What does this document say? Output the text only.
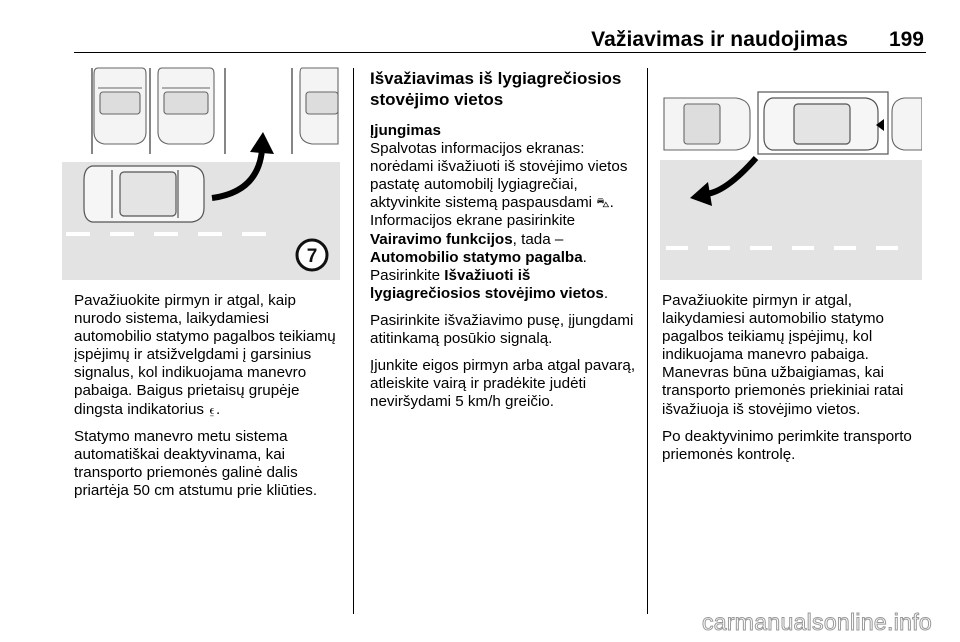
Važiavimas ir naudojimas 199
7

Pavažiuokite pirmyn ir atgal, kaip nurodo sistema, laikydamiesi automobilio statymo pagalbos teikiamų įspėjimų ir atsižvelgdami į garsinius signalus, kol indikuojama manevro pabaiga. Baigus prietaisų grupėje dingsta indikatorius ⍷.

Statymo manevro metu sistema automatiškai deaktyvinama, kai transporto priemonės galinė dalis priartėja 50 cm atstumu prie kliūties.

Išvažiavimas iš lygiagrečiosios stovėjimo vietos

Įjungimas

Spalvotas informacijos ekranas: norėdami išvažiuoti iš stovėjimo vietos pastatę automobilį lygiagrečiai, aktyvinkite sistemą paspausdami ⛍.
Informacijos ekrane pasirinkite
Vairavimo funkcijos, tada –
Automobilio statymo pagalba.
Pasirinkite Išvažiuoti iš lygiagrečiosios stovėjimo vietos.

Pasirinkite išvažiavimo pusę, įjungdami atitinkamą posūkio signalą.

Įjunkite eigos pirmyn arba atgal pavarą, atleiskite vairą ir pradėkite judėti neviršydami 5 km/h greičio.

Pavažiuokite pirmyn ir atgal, laikydamiesi automobilio statymo pagalbos teikiamų įspėjimų, kol indikuojama manevro pabaiga.

Manevras būna užbaigiamas, kai transporto priemonės priekiniai ratai išvažiuoja iš stovėjimo vietos.

Po deaktyvinimo perimkite transporto priemonės kontrolę.

carmanualsonline.info
